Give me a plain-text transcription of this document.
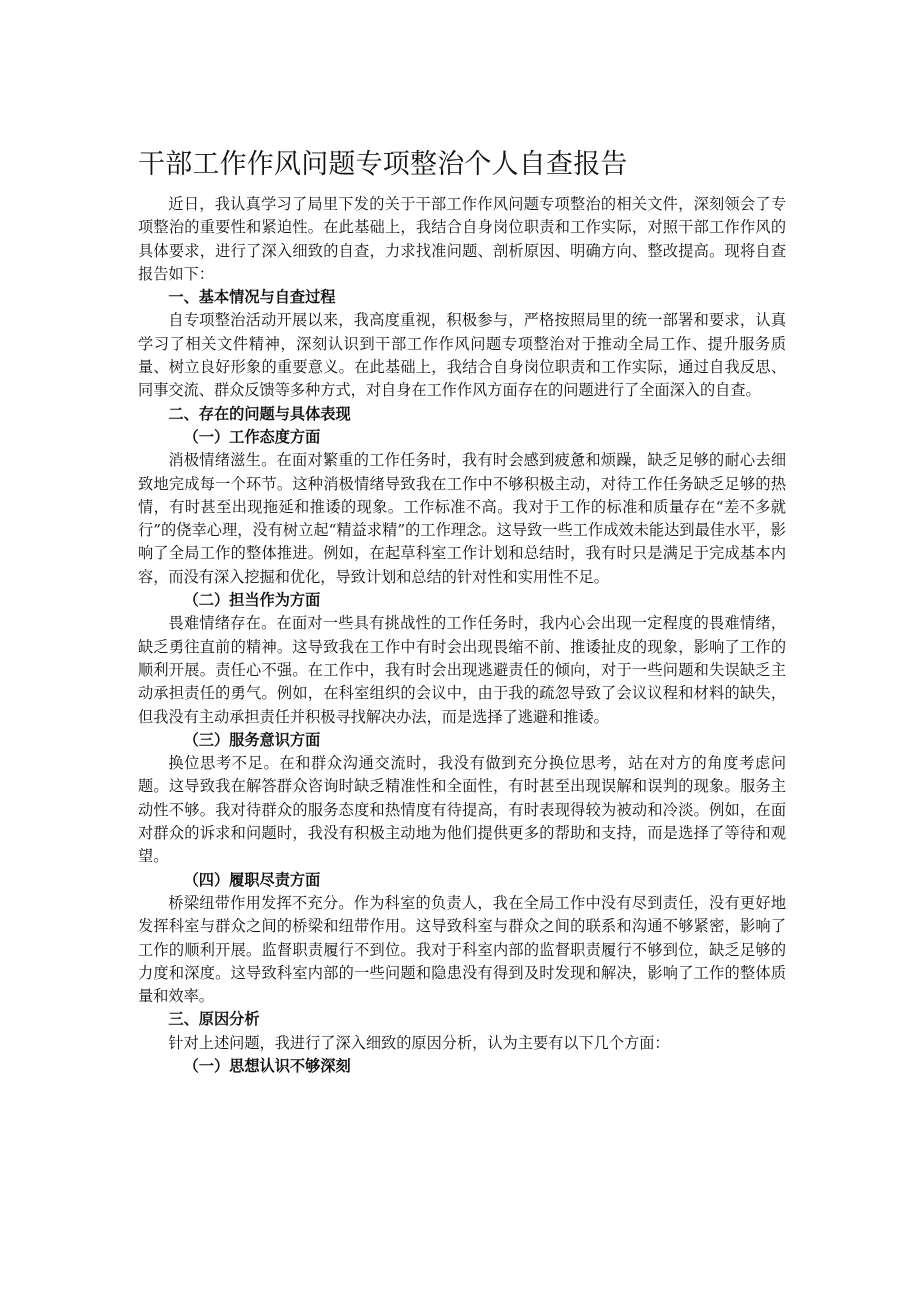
干部工作作风问题专项整治个人自查报告

近日，我认真学习了局里下发的关于干部工作作风问题专项整治的相关文件，深刻领会了专项整治的重要性和紧迫性。在此基础上，我结合自身岗位职责和工作实际，对照干部工作作风的具体要求，进行了深入细致的自查，力求找准问题、剖析原因、明确方向、整改提高。现将自查报告如下：

一、基本情况与自查过程

自专项整治活动开展以来，我高度重视，积极参与，严格按照局里的统一部署和要求，认真学习了相关文件精神，深刻认识到干部工作作风问题专项整治对于推动全局工作、提升服务质量、树立良好形象的重要意义。在此基础上，我结合自身岗位职责和工作实际，通过自我反思、同事交流、群众反馈等多种方式，对自身在工作作风方面存在的问题进行了全面深入的自查。

二、存在的问题与具体表现
（一）工作态度方面

消极情绪滋生。在面对繁重的工作任务时，我有时会感到疲惫和烦躁，缺乏足够的耐心去细致地完成每一个环节。这种消极情绪导致我在工作中不够积极主动，对待工作任务缺乏足够的热情，有时甚至出现拖延和推诿的现象。工作标准不高。我对于工作的标准和质量存在“差不多就行”的侥幸心理，没有树立起“精益求精”的工作理念。这导致一些工作成效未能达到最佳水平，影响了全局工作的整体推进。例如，在起草科室工作计划和总结时，我有时只是满足于完成基本内容，而没有深入挖掘和优化，导致计划和总结的针对性和实用性不足。

（二）担当作为方面

畏难情绪存在。在面对一些具有挑战性的工作任务时，我内心会出现一定程度的畏难情绪，缺乏勇往直前的精神。这导致我在工作中有时会出现畏缩不前、推诿扯皮的现象，影响了工作的顺利开展。责任心不强。在工作中，我有时会出现逃避责任的倾向，对于一些问题和失误缺乏主动承担责任的勇气。例如，在科室组织的会议中，由于我的疏忽导致了会议议程和材料的缺失，但我没有主动承担责任并积极寻找解决办法，而是选择了逃避和推诿。

（三）服务意识方面

换位思考不足。在和群众沟通交流时，我没有做到充分换位思考，站在对方的角度考虑问题。这导致我在解答群众咨询时缺乏精准性和全面性，有时甚至出现误解和误判的现象。服务主动性不够。我对待群众的服务态度和热情度有待提高，有时表现得较为被动和冷淡。例如，在面对群众的诉求和问题时，我没有积极主动地为他们提供更多的帮助和支持，而是选择了等待和观望。

（四）履职尽责方面

桥梁纽带作用发挥不充分。作为科室的负责人，我在全局工作中没有尽到责任，没有更好地发挥科室与群众之间的桥梁和纽带作用。这导致科室与群众之间的联系和沟通不够紧密，影响了工作的顺利开展。监督职责履行不到位。我对于科室内部的监督职责履行不够到位，缺乏足够的力度和深度。这导致科室内部的一些问题和隐患没有得到及时发现和解决，影响了工作的整体质量和效率。

三、原因分析

针对上述问题，我进行了深入细致的原因分析，认为主要有以下几个方面：

（一）思想认识不够深刻
